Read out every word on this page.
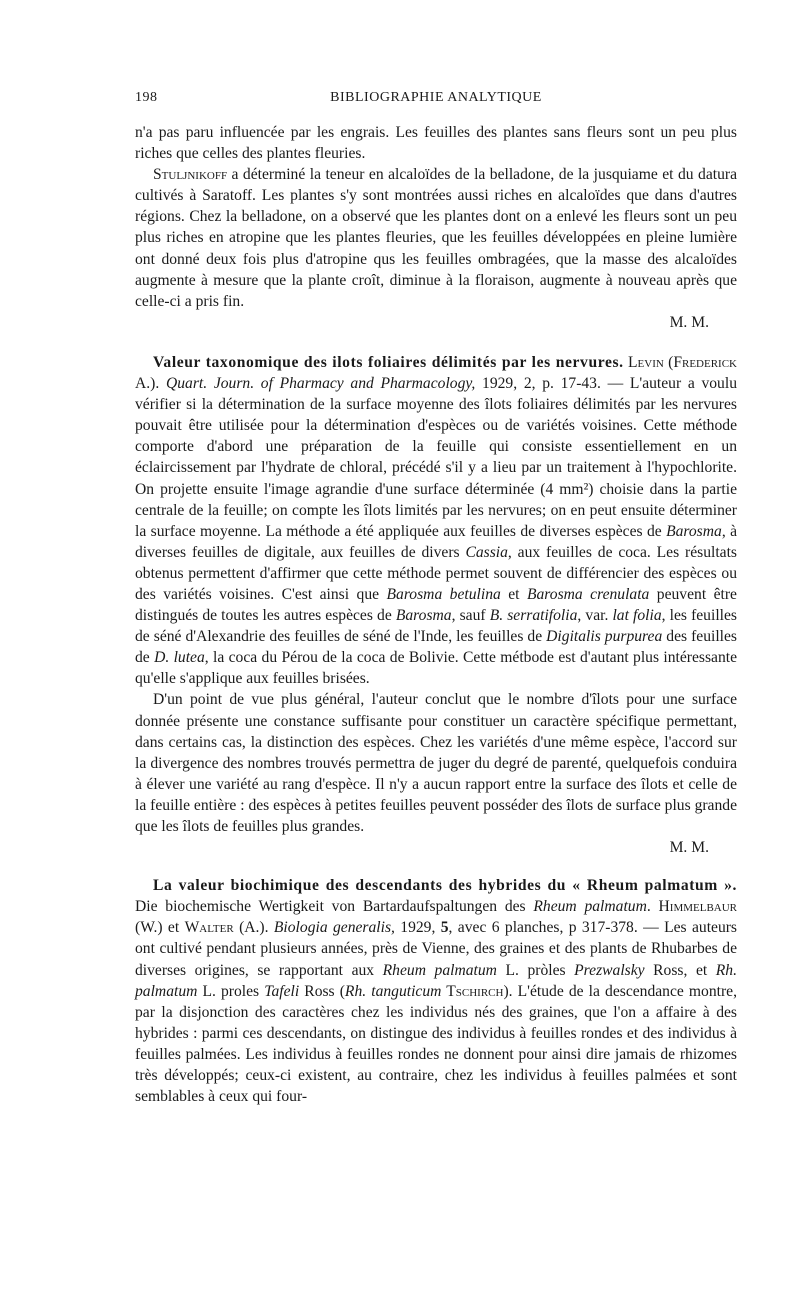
198	BIBLIOGRAPHIE ANALYTIQUE

n'a pas paru influencée par les engrais. Les feuilles des plantes sans fleurs sont un peu plus riches que celles des plantes fleuries.

Stuljnikoff a déterminé la teneur en alcaloïdes de la belladone, de la jusquiame et du datura cultivés à Saratoff. Les plantes s'y sont montrées aussi riches en alcaloïdes que dans d'autres régions. Chez la belladone, on a observé que les plantes dont on a enlevé les fleurs sont un peu plus riches en atropine que les plantes fleuries, que les feuilles développées en pleine lumière ont donné deux fois plus d'atropine qus les feuilles ombragées, que la masse des alcaloïdes augmente à mesure que la plante croît, diminue à la floraison, augmente à nouveau après que celle-ci a pris fin.

M. M.

Valeur taxonomique des ilots foliaires délimités par les nervures. Levin (Frederick A.). Quart. Journ. of Pharmacy and Pharmacology, 1929, 2, p. 17-43. — L'auteur a voulu vérifier si la détermination de la surface moyenne des îlots foliaires délimités par les nervures pouvait être utilisée pour la détermination d'espèces ou de variétés voisines. Cette méthode comporte d'abord une préparation de la feuille qui consiste essentiellement en un éclaircissement par l'hydrate de chloral, précédé s'il y a lieu par un traitement à l'hypochlorite. On projette ensuite l'image agrandie d'une surface déterminée (4 mm²) choisie dans la partie centrale de la feuille; on compte les îlots limités par les nervures; on en peut ensuite déterminer la surface moyenne. La méthode a été appliquée aux feuilles de diverses espèces de Barosma, à diverses feuilles de digitale, aux feuilles de divers Cassia, aux feuilles de coca. Les résultats obtenus permettent d'affirmer que cette méthode permet souvent de différencier des espèces ou des variétés voisines. C'est ainsi que Barosma betulina et Barosma crenulata peuvent être distingués de toutes les autres espèces de Barosma, sauf B. serratifolia, var. lat folia, les feuilles de séné d'Alexandrie des feuilles de séné de l'Inde, les feuilles de Digitalis purpurea des feuilles de D. lutea, la coca du Pérou de la coca de Bolivie. Cette métbode est d'autant plus intéressante qu'elle s'applique aux feuilles brisées.

D'un point de vue plus général, l'auteur conclut que le nombre d'îlots pour une surface donnée présente une constance suffisante pour constituer un caractère spécifique permettant, dans certains cas, la distinction des espèces. Chez les variétés d'une même espèce, l'accord sur la divergence des nombres trouvés permettra de juger du degré de parenté, quelquefois conduira à élever une variété au rang d'espèce. Il n'y a aucun rapport entre la surface des îlots et celle de la feuille entière : des espèces à petites feuilles peuvent posséder des îlots de surface plus grande que les îlots de feuilles plus grandes.

M. M.

La valeur biochimique des descendants des hybrides du « Rheum palmatum ». Die biochemische Wertigkeit von Bartardaufspaltungen des Rheum palmatum. Himmelbaur (W.) et Walter (A.). Biologia generalis, 1929, 5, avec 6 planches, p 317-378. — Les auteurs ont cultivé pendant plusieurs années, près de Vienne, des graines et des plants de Rhubarbes de diverses origines, se rapportant aux Rheum palmatum L. pròles Prezwalsky Ross, et Rh. palmatum L. proles Tafeli Ross (Rh. tanguticum Tschirch). L'étude de la descendance montre, par la disjonction des caractères chez les individus nés des graines, que l'on a affaire à des hybrides : parmi ces descendants, on distingue des individus à feuilles rondes et des individus à feuilles palmées. Les individus à feuilles rondes ne donnent pour ainsi dire jamais de rhizomes très développés; ceux-ci existent, au contraire, chez les individus à feuilles palmées et sont semblables à ceux qui four-
